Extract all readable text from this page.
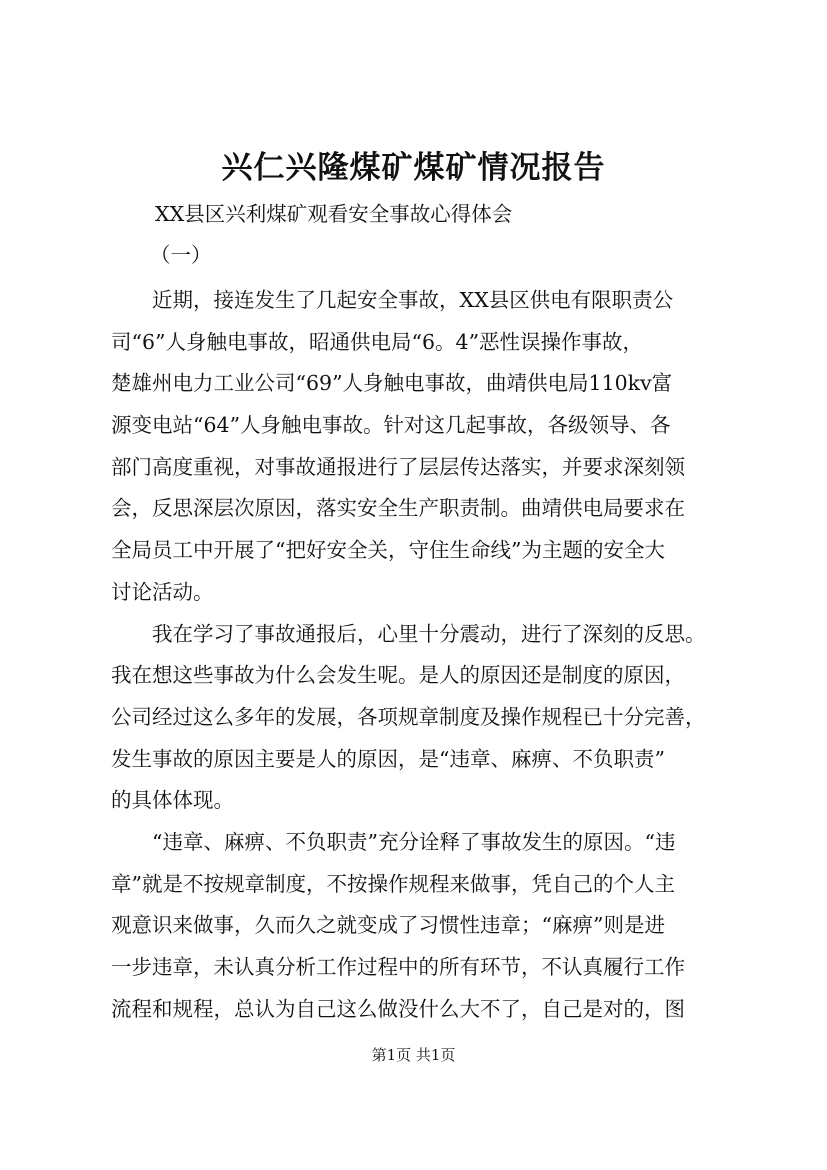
兴仁兴隆煤矿煤矿情况报告
XX县区兴利煤矿观看安全事故心得体会
（一）
近期，接连发生了几起安全事故，XX县区供电有限职责公
司“6”人身触电事故，昭通供电局“6。4”恶性误操作事故，
楚雄州电力工业公司“69”人身触电事故，曲靖供电局110kv富
源变电站“64”人身触电事故。针对这几起事故，各级领导、各
部门高度重视，对事故通报进行了层层传达落实，并要求深刻领
会，反思深层次原因，落实安全生产职责制。曲靖供电局要求在
全局员工中开展了“把好安全关，守住生命线”为主题的安全大
讨论活动。
我在学习了事故通报后，心里十分震动，进行了深刻的反思。
我在想这些事故为什么会发生呢。是人的原因还是制度的原因，
公司经过这么多年的发展，各项规章制度及操作规程已十分完善，
发生事故的原因主要是人的原因，是“违章、麻痹、不负职责”
的具体体现。
“违章、麻痹、不负职责”充分诠释了事故发生的原因。“违
章”就是不按规章制度，不按操作规程来做事，凭自己的个人主
观意识来做事，久而久之就变成了习惯性违章；“麻痹”则是进
一步违章，未认真分析工作过程中的所有环节，不认真履行工作
流程和规程，总认为自己这么做没什么大不了，自己是对的，图
第1页 共1页
